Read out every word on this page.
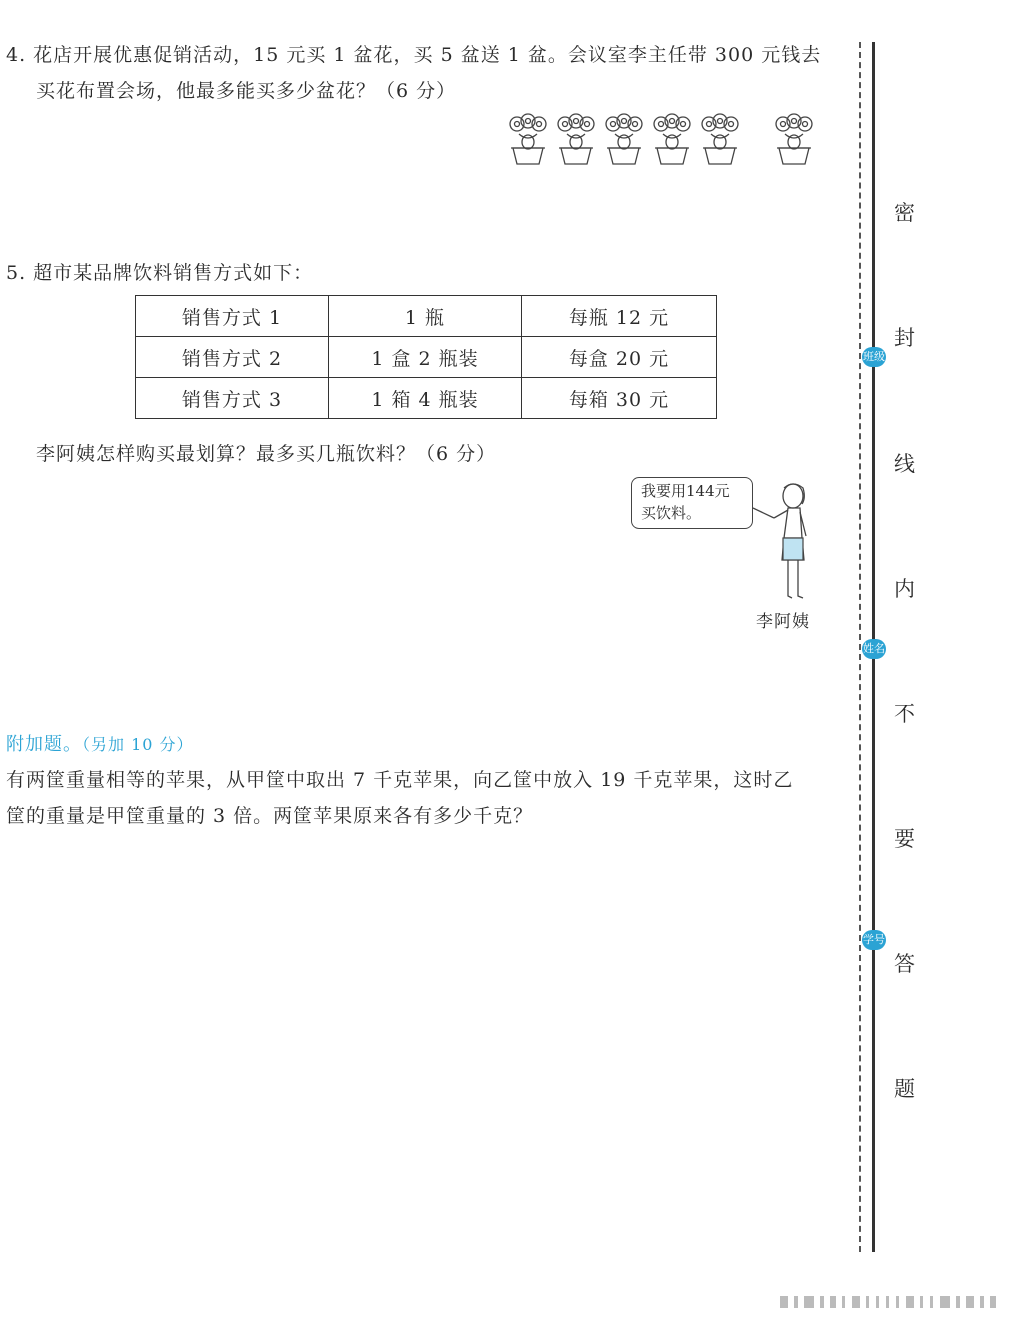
4. 花店开展优惠促销活动，15 元买 1 盆花，买 5 盆送 1 盆。会议室李主任带 300 元钱去
买花布置会场，他最多能买多少盆花？（6 分）
5. 超市某品牌饮料销售方式如下：
销售方式 1	1 瓶	每瓶 12 元
销售方式 2	1 盒 2 瓶装	每盒 20 元
销售方式 3	1 箱 4 瓶装	每箱 30 元
李阿姨怎样购买最划算？最多买几瓶饮料？（6 分）
我要用144元
买饮料。
李阿姨
附加题。（另加 10 分）
有两筐重量相等的苹果，从甲筐中取出 7 千克苹果，向乙筐中放入 19 千克苹果，这时乙
筐的重量是甲筐重量的 3 倍。两筐苹果原来各有多少千克？
密
封
线
内
不
要
答
题
班级
姓名
学号
